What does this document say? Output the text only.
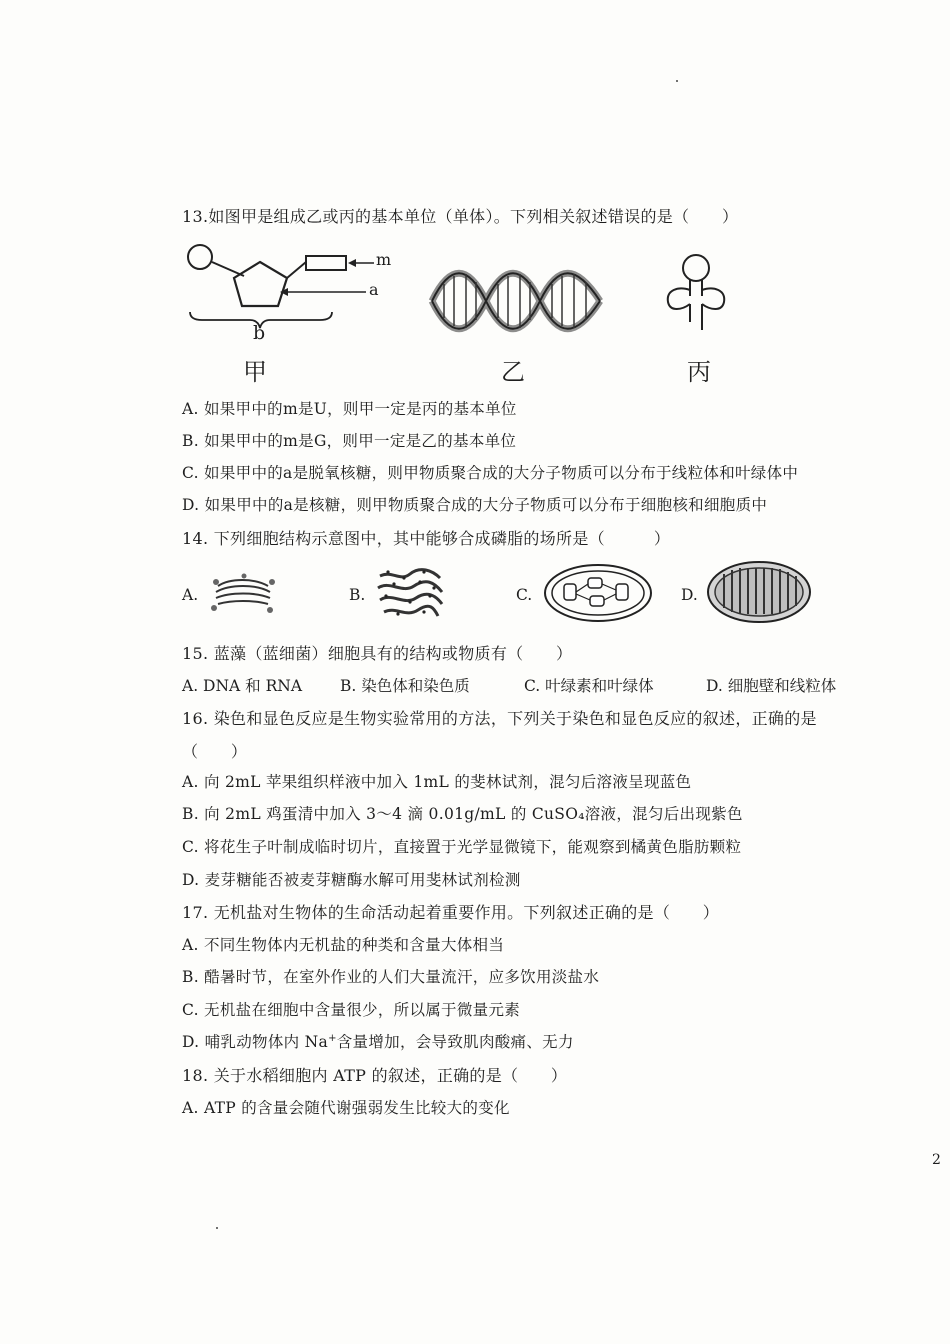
13.如图甲是组成乙或丙的基本单位（单体）。下列相关叙述错误的是（　　）
m
a
b
甲	乙	丙
A. 如果甲中的m是U，则甲一定是丙的基本单位
B. 如果甲中的m是G，则甲一定是乙的基本单位
C. 如果甲中的a是脱氧核糖，则甲物质聚合成的大分子物质可以分布于线粒体和叶绿体中
D. 如果甲中的a是核糖，则甲物质聚合成的大分子物质可以分布于细胞核和细胞质中
14. 下列细胞结构示意图中，其中能够合成磷脂的场所是（　　　）
A.	B.	C.	D.
15. 蓝藻（蓝细菌）细胞具有的结构或物质有（　　）
A. DNA 和 RNA B. 染色体和染色质	C. 叶绿素和叶绿体	D. 细胞壁和线粒体
16. 染色和显色反应是生物实验常用的方法，下列关于染色和显色反应的叙述，正确的是
（　　）
A. 向 2mL 苹果组织样液中加入 1mL 的斐林试剂，混匀后溶液呈现蓝色
B. 向 2mL 鸡蛋清中加入 3～4 滴 0.01g/mL 的 CuSO₄溶液，混匀后出现紫色
C. 将花生子叶制成临时切片，直接置于光学显微镜下，能观察到橘黄色脂肪颗粒
D. 麦芽糖能否被麦芽糖酶水解可用斐林试剂检测
17. 无机盐对生物体的生命活动起着重要作用。下列叙述正确的是（　　）
A. 不同生物体内无机盐的种类和含量大体相当
B. 酷暑时节，在室外作业的人们大量流汗，应多饮用淡盐水
C. 无机盐在细胞中含量很少，所以属于微量元素
D. 哺乳动物体内 Na+含量增加，会导致肌肉酸痛、无力
18. 关于水稻细胞内 ATP 的叙述，正确的是（　　）
A. ATP 的含量会随代谢强弱发生比较大的变化
2
